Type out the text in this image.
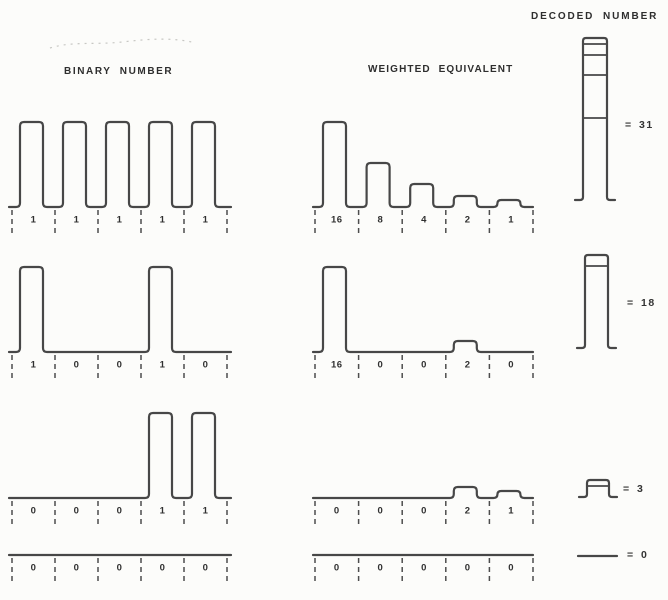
BINARY NUMBER	WEIGHTED EQUIVALENT
DECODED NUMBER
1	1	1	1	1	16	8	4	2	1
1	0	0	1	0	16	0	0	2	0
0	0	0	1	1	0	0	0	2	1
0	0	0	0	0	0	0	0	0	0
= 31
= 18
= 3
= 0
